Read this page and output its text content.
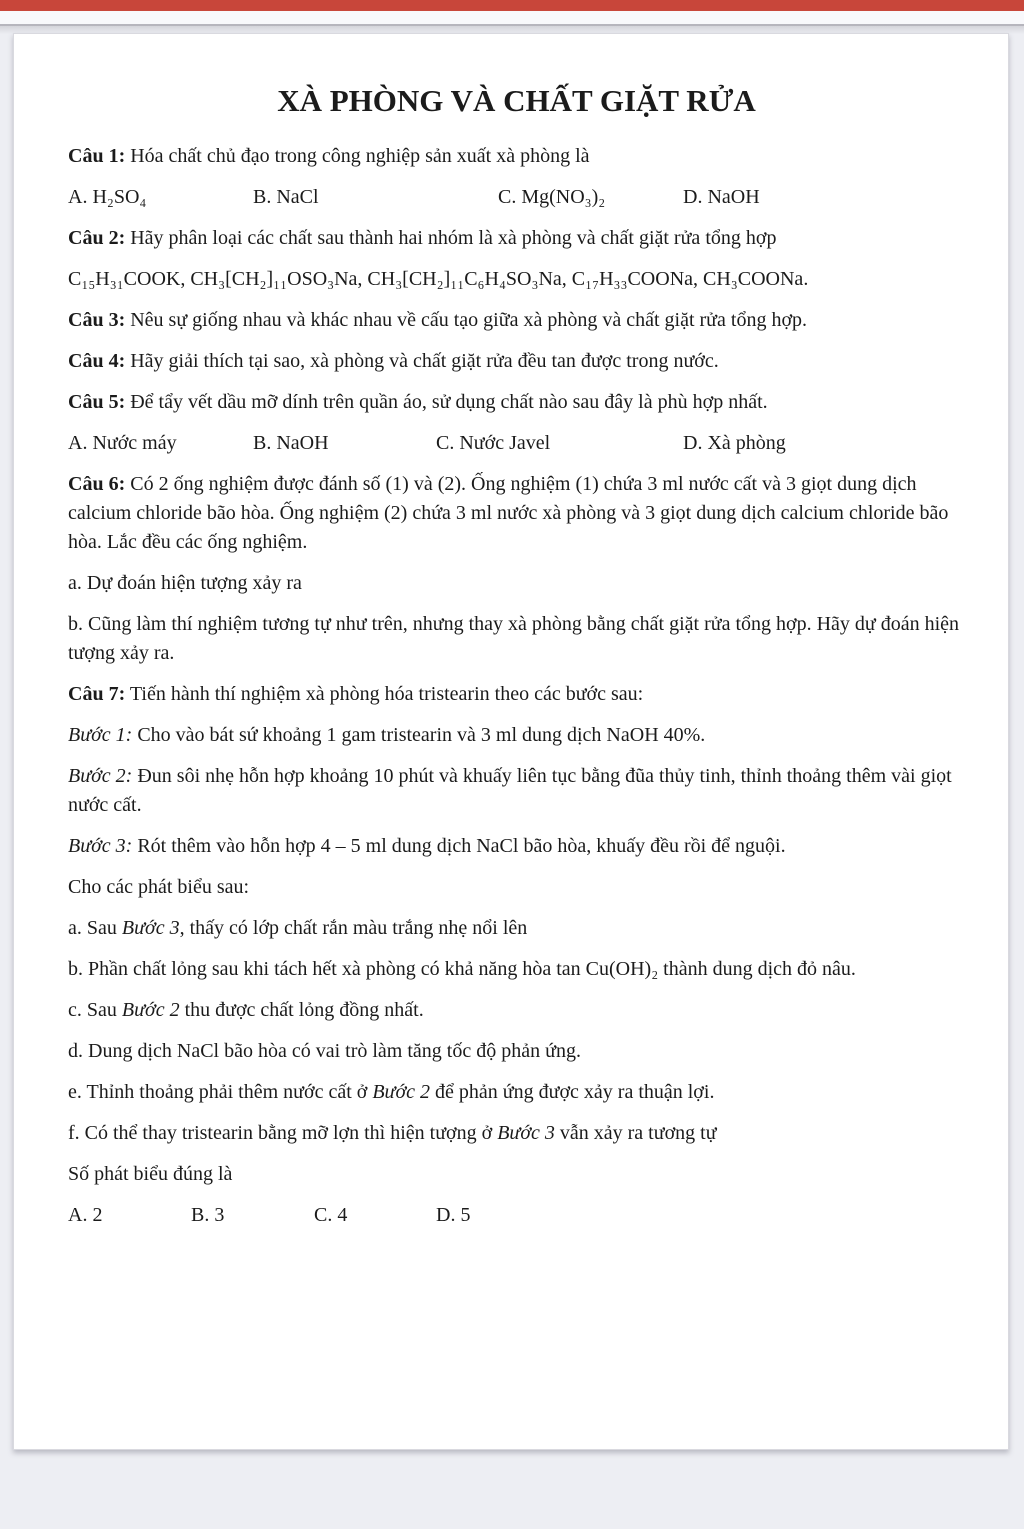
XÀ PHÒNG VÀ CHẤT GIẶT RỬA

Câu 1: Hóa chất chủ đạo trong công nghiệp sản xuất xà phòng là

A. H₂SO₄	B. NaCl	C. Mg(NO₃)₂	D. NaOH

Câu 2: Hãy phân loại các chất sau thành hai nhóm là xà phòng và chất giặt rửa tổng hợp

C₁₅H₃₁COOK, CH₃[CH₂]₁₁OSO₃Na, CH₃[CH₂]₁₁C₆H₄SO₃Na, C₁₇H₃₃COONa, CH₃COONa.

Câu 3: Nêu sự giống nhau và khác nhau về cấu tạo giữa xà phòng và chất giặt rửa tổng hợp.

Câu 4: Hãy giải thích tại sao, xà phòng và chất giặt rửa đều tan được trong nước.

Câu 5: Để tẩy vết dầu mỡ dính trên quần áo, sử dụng chất nào sau đây là phù hợp nhất.

A. Nước máy	B. NaOH	C. Nước Javel	D. Xà phòng

Câu 6: Có 2 ống nghiệm được đánh số (1) và (2). Ống nghiệm (1) chứa 3 ml nước cất và 3 giọt dung dịch calcium chloride bão hòa. Ống nghiệm (2) chứa 3 ml nước xà phòng và 3 giọt dung dịch calcium chloride bão hòa. Lắc đều các ống nghiệm.

a. Dự đoán hiện tượng xảy ra

b. Cũng làm thí nghiệm tương tự như trên, nhưng thay xà phòng bằng chất giặt rửa tổng hợp. Hãy dự đoán hiện tượng xảy ra.

Câu 7: Tiến hành thí nghiệm xà phòng hóa tristearin theo các bước sau:

Bước 1: Cho vào bát sứ khoảng 1 gam tristearin và 3 ml dung dịch NaOH 40%.

Bước 2: Đun sôi nhẹ hỗn hợp khoảng 10 phút và khuấy liên tục bằng đũa thủy tinh, thỉnh thoảng thêm vài giọt nước cất.

Bước 3: Rót thêm vào hỗn hợp 4 – 5 ml dung dịch NaCl bão hòa, khuấy đều rồi để nguội.

Cho các phát biểu sau:

a. Sau Bước 3, thấy có lớp chất rắn màu trắng nhẹ nổi lên

b. Phần chất lỏng sau khi tách hết xà phòng có khả năng hòa tan Cu(OH)₂ thành dung dịch đỏ nâu.

c. Sau Bước 2 thu được chất lỏng đồng nhất.

d. Dung dịch NaCl bão hòa có vai trò làm tăng tốc độ phản ứng.

e. Thỉnh thoảng phải thêm nước cất ở Bước 2 để phản ứng được xảy ra thuận lợi.

f. Có thể thay tristearin bằng mỡ lợn thì hiện tượng ở Bước 3 vẫn xảy ra tương tự

Số phát biểu đúng là

A. 2	B. 3	C. 4	D. 5
